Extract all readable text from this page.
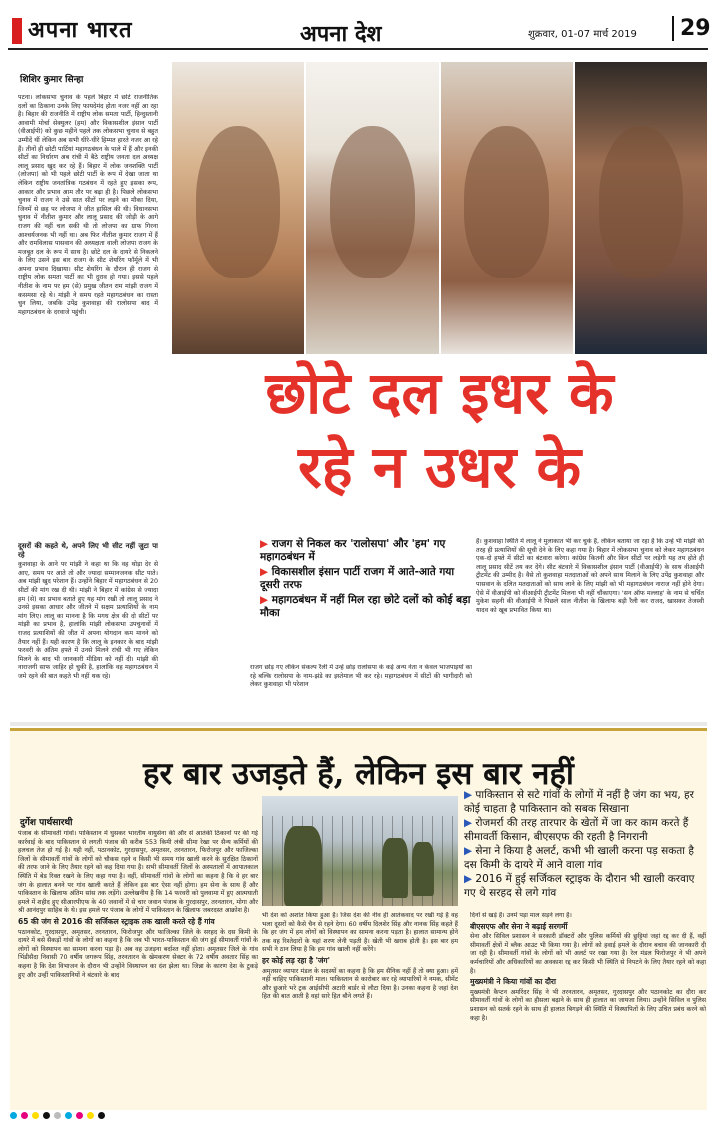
अपना भारत	अपना देश	शुक्रवार, 01-07 मार्च 2019	29
शिशिर कुमार सिन्हा
पटना। लोकसभा चुनाव के पहले बिहार में छोटे राजनीतिक दलों का ठिकाना उनके लिए फायदेमंद होता नजर नहीं आ रहा है। बिहार की राजनीति में राष्ट्रीय लोक समता पार्टी, हिन्दुस्तानी आवामी मोर्चा सेक्युलर (हम) और विकासशील इंसान पार्टी (वीआईपी) को कुछ महीने पहले तक लोकसभा चुनाव से बहुत उम्मीदें थीं लेकिन अब सभी धीरे-धीरे हिम्मत हारते नजर आ रहे हैं। तीनों ही छोटी पार्टियां महागठबंधन के पाले में हैं और इनकी सीटों का निर्धारण अब रांची में बैठे राष्ट्रीय जनता दल अध्यक्ष लालू प्रसाद खुद कर रहे हैं। बिहार में लोक जनशक्ति पार्टी (लोजपा) को भी पहले छोटी पार्टी के रूप में देखा जाता था लेकिन राष्ट्रीय जनतांत्रिक गठबंधन में रहते हुए इसका रूप, आकार और प्रभाव आम तौर पर बढ़ा ही है। पिछले लोकसभा चुनाव में राजग ने उसे सात सीटों पर लड़ने का मौका दिया, जिनमें से छह पर लोजपा ने जीत हासिल की थी। विधानसभा चुनाव में नीतीश कुमार और लालू प्रसाद की जोड़ी के आगे राजग की नहीं चल सकी थी तो लोजपा का ग्राफ गिरना आश्चर्यजनक भी नहीं था। अब फिर नीतीश कुमार राजग में हैं और रामविलास पासवान की अध्यक्षता वाली लोजपा राजग के मजबूत दल के रूप में साथ है। छोटे दल के दायरे से निकलने के लिए उसने इस बार राजग के सीट शेयरिंग फॉर्मूले में भी अपना प्रभाव दिखाया। सीट शेयरिंग के दौरान ही राजग से राष्ट्रीय लोक समता पार्टी का भी दुराव हो गया। इससे पहले नीतीश के नाम पर हम (से) प्रमुख जीतन राम मांझी राजग में कसमसा रहे थे। मांझी ने समय रहते महागठबंधन का रास्ता चुन लिया, जबकि उपेंद्र कुशवाहा की रालोसपा बाद में महागठबंधन के दरवाजे पहुंची।
छोटे दल इधर के
रहे न उधर के
दूसरों की कहते थे, अपने लिए भी सीट नहीं जुटा पा रहे
कुशवाहा के आने पर मांझी ने कहा था कि वह थोड़ा देर से आए, समय पर आते तो और ज्यादा सम्मानजनक सीट पाते। अब मांझी खुद परेशान हैं। उन्होंने बिहार में महागठबंधन से 20 सीटों की मांग रख दी थी। मांझी ने बिहार में कांग्रेस से ज्यादा हम (से) का प्रभाव बताते हुए यह मांग रखी तो लालू प्रसाद ने उनसे इसका आधार और जीतने में सक्षम प्रत्याशियों के नाम मांग लिए। लालू का मानना है कि मगध क्षेत्र की दो सीटों पर मांझी का प्रभाव है, हालांकि मांझी लोकसभा उपचुनावों में राजद प्रत्याशियों की जीत में अपना योगदान कम मानने को तैयार नहीं हैं। यही कारण है कि लालू के इनकार के बाद मांझी फरवरी के अंतिम हफ्ते में उनसे मिलने रांची भी गए लेकिन मिलने के बाद भी जानकारी मीडिया को नहीं दी। मांझी की नाराजगी साफ जाहिर हो चुकी है, हालांकि वह महागठबंधन में जमे रहने की बात कहते भी नहीं थक रहे।
▶ राजग से निकल कर 'रालोसपा' और 'हम' गए महागठबंधन में
▶ विकासशील इंसान पार्टी राजग में आते-आते गया दूसरी तरफ
▶ महागठबंधन में नहीं मिल रहा छोटे दलों को कोई बड़ा मौका
राजग छोड़ गए लेकिन संकल्प रैली में उन्हें छोड़ रालोसपा के कई अन्य नेता न केवल भाजपाइयों का रहे बल्कि रालोसपा के नाम-झंडे का इस्तेमाल भी कर रहे। महागठबंधन में सीटों की भागीदारी को लेकर कुशवाहा भी परेशान
हैं। कुशवाहा स्थिति में लालू ने मुलाकात भी कर चुके हैं, लेकिन बताया जा रहा है कि उन्हें भी मांझी की तरह ही प्रत्याशियों की सूची देने के लिए कहा गया है। बिहार में लोकसभा चुनाव को लेकर महागठबंधन एक-दो हफ्ते में सीटों का बंटवारा करेगा। कांग्रेस कितनी और किन सीटों पर लड़ेगी यह तय होते ही लालू प्रसाद सीटें तय कर देंगे। सीट बंटवारे में विकासशील इंसान पार्टी (वीआईपी) के साथ वीआईपी ट्रीटमेंट की उम्मीद है। वैसे तो कुशवाहा मतदाताओं को अपने साथ मिलाने के लिए उपेंद्र कुशवाहा और पासवान के दलित मतदाताओं को साथ लाने के लिए मांझी को भी महागठबंधन नाराज नहीं होने देगा। ऐसे में वीआईपी को वीआईपी ट्रीटमेंट मिलना भी नहीं चौंकाएगा। 'सन ऑफ मल्लाह' के नाम से चर्चित मुकेश सहनी की वीआईपी ने पिछले साल नीतीश के खिलाफ बड़ी रैली कर राजद, खासकर तेजस्वी यादव को खूब प्रभावित किया था।
हर बार उजड़ते हैं, लेकिन इस बार नहीं
दुर्गेश पार्थसारथी
पंजाब के सीमावर्ती गांवों। पाकिस्तान में घुसकर भारतीय वायुसेना की और से आतंकी ठिकानों पर की गई कार्रवाई के बाद पाकिस्तान से लगती पंजाब की करीब 553 किमी लंबी सीमा रेखा पर सैन्य कर्मियों की हलचल तेज हो गई है। यही नहीं, पठानकोट, गुरदासपुर, अमृतसर, तरनतारन, फिरोजपुर और फाजिल्का जिलों के सीमावर्ती गांवों के लोगों को चौकस रहने व किसी भी समय गांव खाली करने के सुरक्षित ठिकानों की तरफ जाने के लिए तैयार रहने को कह दिया गया है। सभी सीमावर्ती जिलों के अस्पतालों में आपातकाल स्थिति में बेड रिक्त रखने के लिए कहा गया है। वहीं, सीमावर्ती गांवों के लोगों का कहना है कि वे हर बार जंग के हालात बनने पर गांव खाली करते हैं लेकिन इस बार ऐसा नहीं होगा। हम सेना के साथ हैं और पाकिस्तान के खिलाफ अंतिम सांस तक लड़ेंगे। उल्लेखनीय है कि 14 फरवरी को पुलवामा में हुए आत्मघाती हमले में शहीद हुए सीआरपीएफ के 40 जवानों में से चार जवान पंजाब के गुरदासपुर, तरनतारन, मोगा और श्री आनंदपुर साहिब के थे। इस हमले पर पंजाब के लोगों में पाकिस्तान के खिलाफ जबरदस्त आक्रोश है।
65 की जंग से 2016 की सर्जिकल स्ट्राइक तक खाली करते रहे हैं गांव
पठानकोट, गुरदासपुर, अमृतसर, तरनतारन, फिरोजपुर और फाजिल्का जिले के सरहद के दस किमी के दायरे में बसे सैकड़ों गांवों के लोगों का कहना है कि जब भी भारत-पाकिस्तान की जंग हुई सीमावर्ती गांवों के लोगों को विस्थापन का सामना करना पड़ा है। अब वह उजड़ना बर्दाश्त नहीं होता। अमृतसर जिले के गांव भिंडीसैदा निवासी 70 वर्षीय जगरूप सिंह, तरनतारन के खेमकरण सेक्टर के 72 वर्षीय अवतार सिंह का कहना है कि देश विभाजन के दौरान भी उन्होंने विस्थापन का दंश झेला था। जिन्ना के कारण देश के टुकड़े हुए और उन्हीं पाकिस्तानियों ने बंटवारे के बाद
▶ पाकिस्तान से सटे गांवों के लोगों में नहीं है जंग का भय, हर कोई चाहता है पाकिस्तान को सबक सिखाना
▶ रोजमर्रा की तरह तारपार के खेतों में जा कर काम करते हैं सीमावर्ती किसान, बीएसएफ की रहती है निगरानी
▶ सेना ने किया है अलर्ट, कभी भी खाली करना पड़ सकता है दस किमी के दायरे में आने वाला गांव
▶ 2016 में हुई सर्जिकल स्ट्राइक के दौरान भी खाली करवाए गए थे सरहद से लगे गांव
भी देश को अशांत किया हुआ है। जिस देश की नींव ही आतंकवाद पर रखी गई है वह भला दूसरों को कैसे चैन से रहने देगा। 60 वर्षीय दिलशेर सिंह और नानक सिंह कहते हैं कि हर जंग में हम लोगों को विस्थापन का सामना करना पड़ता है। हालात सामान्य होने तक वह रिश्तेदारों के यहां शरण लेनी पड़ती है। खेती भी खराब होती है। इस बार हम सभी ने ठान लिया है कि हम गांव खाली नहीं करेंगे।
हर कोई लड़ रहा है 'जंग'
अमृतसर व्यापार मंडल के सदस्यों का कहना है कि हम सैनिक नहीं हैं तो क्या हुआ। हमें नहीं चाहिए पाकिस्तानी माल। पाकिस्तान से कारोबार कर रहे व्यापारियों ने नमक, सीमेंट और छुआरे भरे ट्रक आईसीपी अटारी बार्डर से लौटा दिया है। उनका कहना है जहां देश हित की बात आती है वहां सारे हित बौने लगते हैं।
दिनों से खड़े हैं। उनमें पड़ा माल सड़ने लगा है।
बीएसएफ और सेना ने बढ़ाई सरगर्मी
सेना और सिविल प्रशासन ने सरकारी डॉक्टरों और पुलिस कर्मियों की छुट्टियां जहां रद्द कर दी हैं, वहीं सीमावर्ती क्षेत्रों में ब्लैक आउट भी किया गया है। लोगों को हवाई हमले के दौरान बचाव की जानकारी दी जा रही है। सीमावर्ती गांवों के लोगों को भी अलर्ट पर रखा गया है। रेल मंडल फिरोजपुर ने भी अपने कर्मचारियों और अधिकारियों का अवकाश रद्द कर किसी भी स्थिति से निपटने के लिए तैयार रहने को कहा है।
मुख्यमंत्री ने किया गांवों का दौरा
मुख्यमंत्री कैप्टन अमरिंदर सिंह ने भी तरनतारन, अमृतसर, गुरदासपुर और पठानकोट का दौरा कर सीमावर्ती गांवों के लोगों का हौसला बढ़ाने के साथ ही हालात का जायजा लिया। उन्होंने सिविल व पुलिस प्रशासन को सतर्क रहने के साथ ही हालात बिगड़ने की स्थिति में विस्थापितों के लिए उचित प्रबंध करने को कहा है।
